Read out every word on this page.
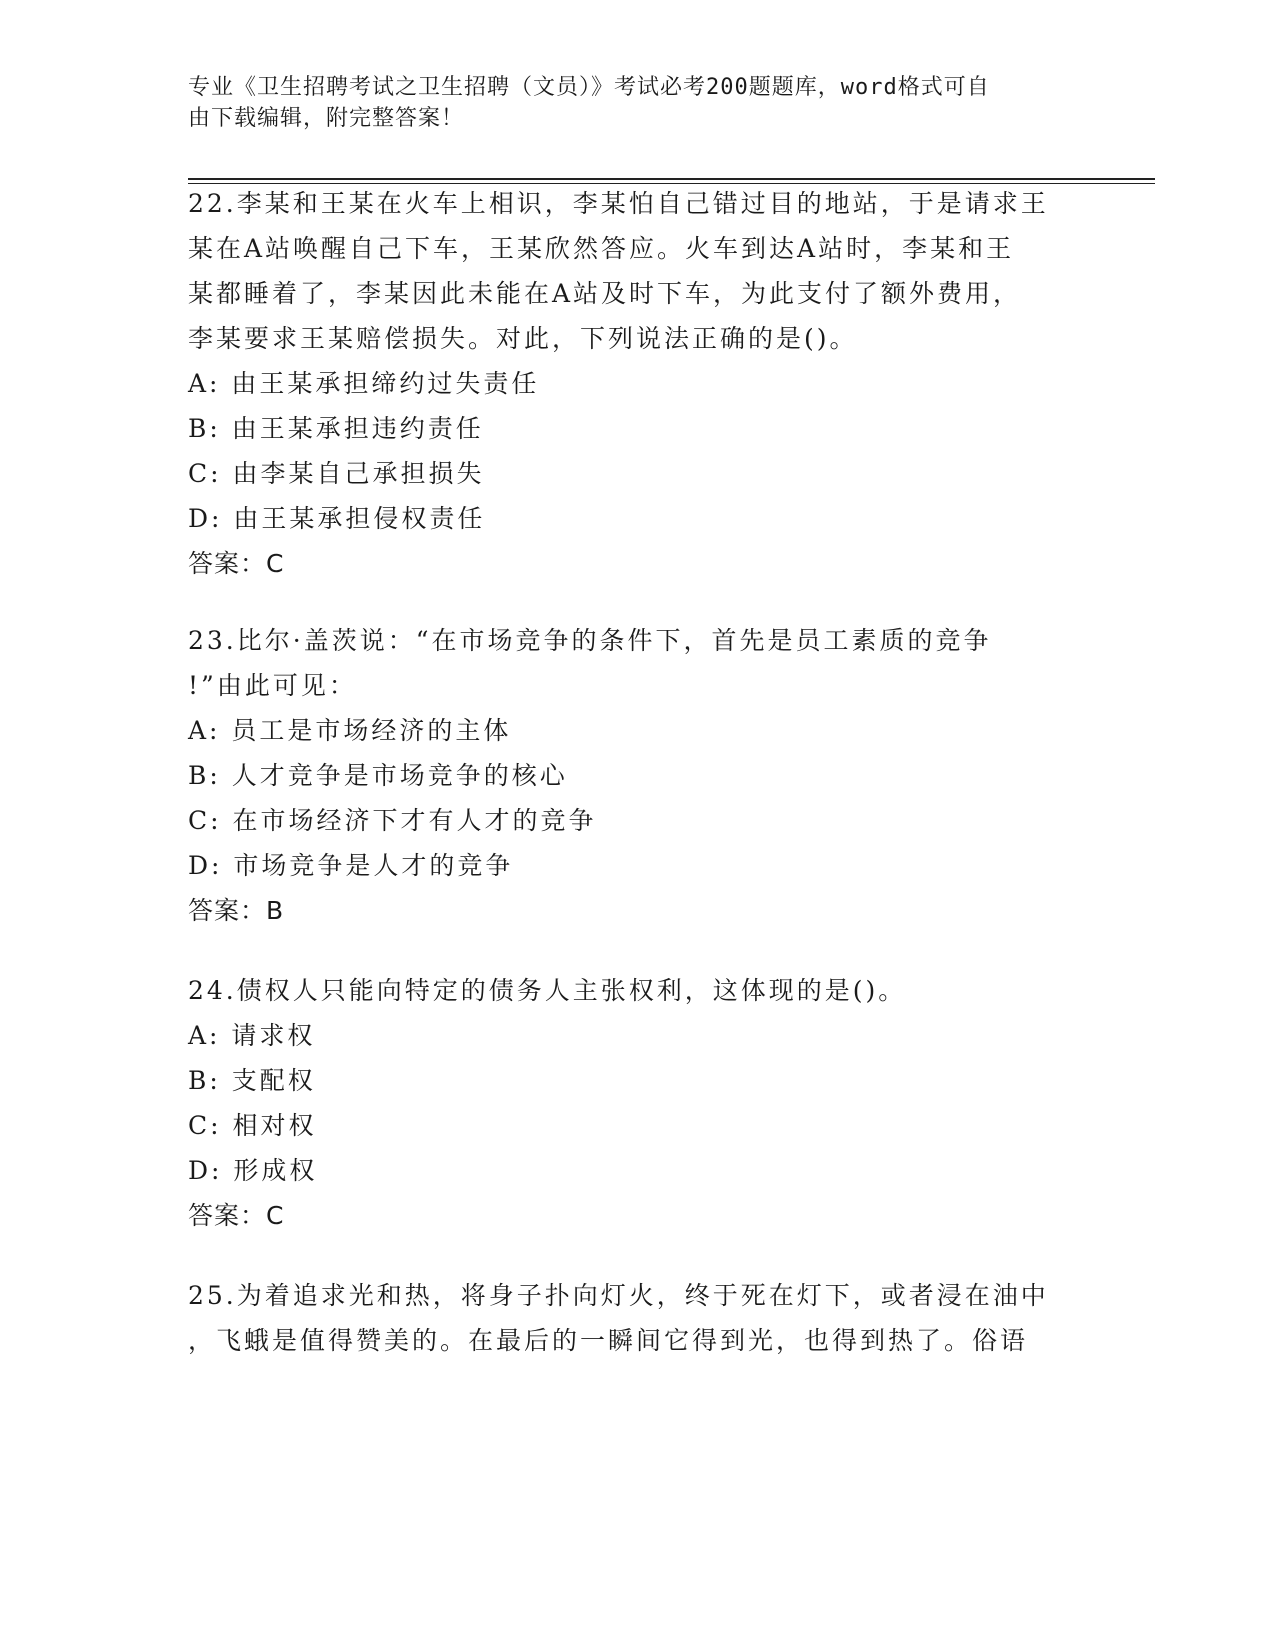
专业《卫生招聘考试之卫生招聘（文员）》考试必考200题题库，word格式可自
由下载编辑，附完整答案！
22.李某和王某在火车上相识，李某怕自己错过目的地站，于是请求王
某在A站唤醒自己下车，王某欣然答应。火车到达A站时，李某和王
某都睡着了，李某因此未能在A站及时下车，为此支付了额外费用，
李某要求王某赔偿损失。对此，下列说法正确的是()。
A: 由王某承担缔约过失责任
B: 由王某承担违约责任
C: 由李某自己承担损失
D: 由王某承担侵权责任
答案：C
23.比尔·盖茨说：“在市场竞争的条件下，首先是员工素质的竞争
!”由此可见：
A: 员工是市场经济的主体
B: 人才竞争是市场竞争的核心
C: 在市场经济下才有人才的竞争
D: 市场竞争是人才的竞争
答案：B
24.债权人只能向特定的债务人主张权利，这体现的是()。
A: 请求权
B: 支配权
C: 相对权
D: 形成权
答案：C
25.为着追求光和热，将身子扑向灯火，终于死在灯下，或者浸在油中
，飞蛾是值得赞美的。在最后的一瞬间它得到光，也得到热了。俗语
